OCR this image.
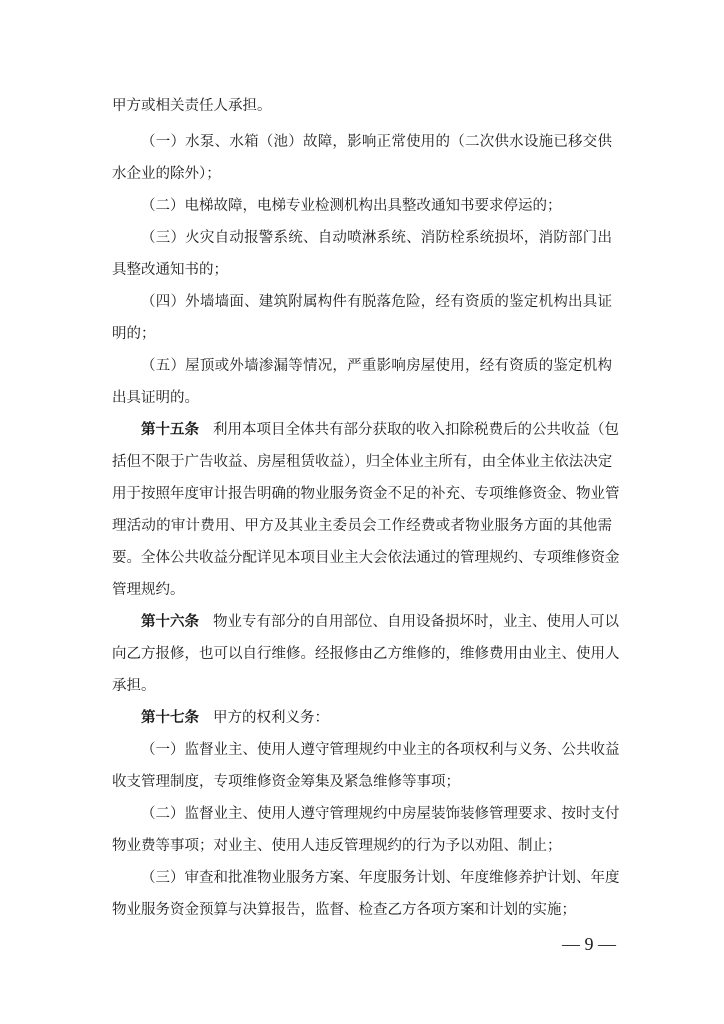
甲方或相关责任人承担。
（一）水泵、水箱（池）故障，影响正常使用的（二次供水设施已移交供
水企业的除外）；
（二）电梯故障，电梯专业检测机构出具整改通知书要求停运的；
（三）火灾自动报警系统、自动喷淋系统、消防栓系统损坏，消防部门出
具整改通知书的；
（四）外墙墙面、建筑附属构件有脱落危险，经有资质的鉴定机构出具证
明的；
（五）屋顶或外墙渗漏等情况，严重影响房屋使用，经有资质的鉴定机构
出具证明的。
第十五条 利用本项目全体共有部分获取的收入扣除税费后的公共收益（包
括但不限于广告收益、房屋租赁收益），归全体业主所有，由全体业主依法决定
用于按照年度审计报告明确的物业服务资金不足的补充、专项维修资金、物业管
理活动的审计费用、甲方及其业主委员会工作经费或者物业服务方面的其他需
要。全体公共收益分配详见本项目业主大会依法通过的管理规约、专项维修资金
管理规约。
第十六条 物业专有部分的自用部位、自用设备损坏时，业主、使用人可以
向乙方报修，也可以自行维修。经报修由乙方维修的，维修费用由业主、使用人
承担。
第十七条 甲方的权利义务：
（一）监督业主、使用人遵守管理规约中业主的各项权利与义务、公共收益
收支管理制度，专项维修资金筹集及紧急维修等事项；
（二）监督业主、使用人遵守管理规约中房屋装饰装修管理要求、按时支付
物业费等事项；对业主、使用人违反管理规约的行为予以劝阻、制止；
（三）审查和批准物业服务方案、年度服务计划、年度维修养护计划、年度
物业服务资金预算与决算报告，监督、检查乙方各项方案和计划的实施；
— 9 —
